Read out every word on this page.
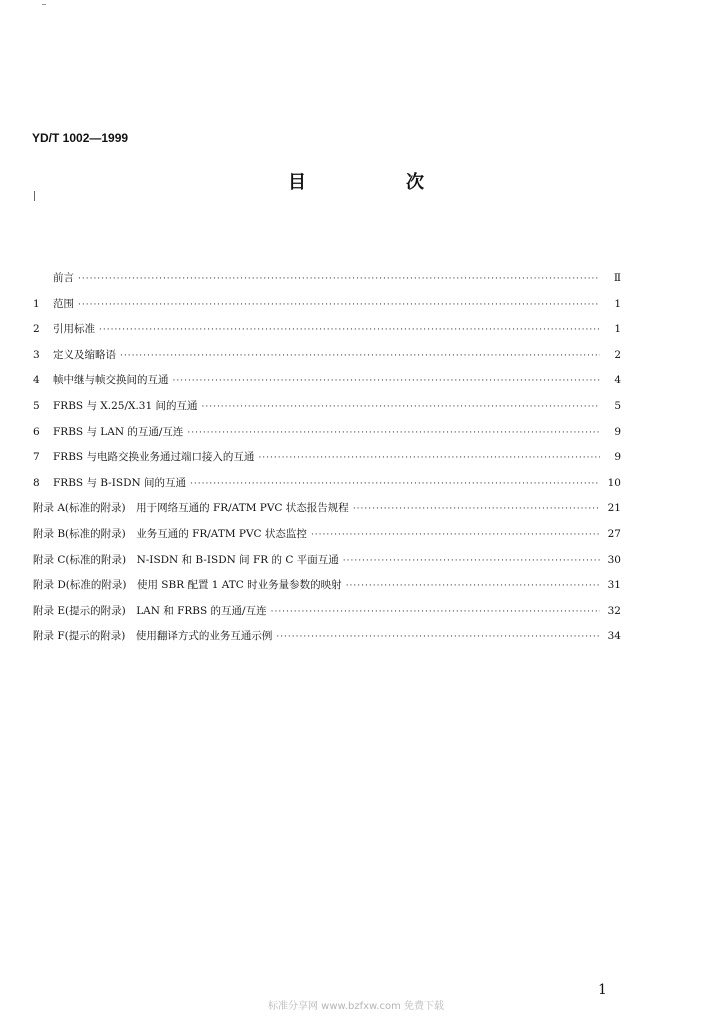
YD/T 1002—1999
目	次
前言 ·····	Ⅱ
1	范围 ·····	1
2	引用标准 ·····	1
3	定义及缩略语 ·····	2
4	帧中继与帧交换间的互通 ·····	4
5	FRBS 与 X.25/X.31 间的互通 ·····	5
6	FRBS 与 LAN 的互通/互连 ·····	9
7	FRBS 与电路交换业务通过端口接入的互通 ·····	9
8	FRBS 与 B-ISDN 间的互通 ·····	10
附录 A(标准的附录)　用于网络互通的 FR/ATM PVC 状态报告规程 ·····	21
附录 B(标准的附录)　业务互通的 FR/ATM PVC 状态监控 ·····	27
附录 C(标准的附录)　N-ISDN 和 B-ISDN 间 FR 的 C 平面互通 ·····	30
附录 D(标准的附录)　使用 SBR 配置 1 ATC 时业务量参数的映射 ·····	31
附录 E(提示的附录)　LAN 和 FRBS 的互通/互连 ·····	32
附录 F(提示的附录)　使用翻译方式的业务互通示例 ·····	34
1
标准分享网 www.bzfxw.com 免费下载
